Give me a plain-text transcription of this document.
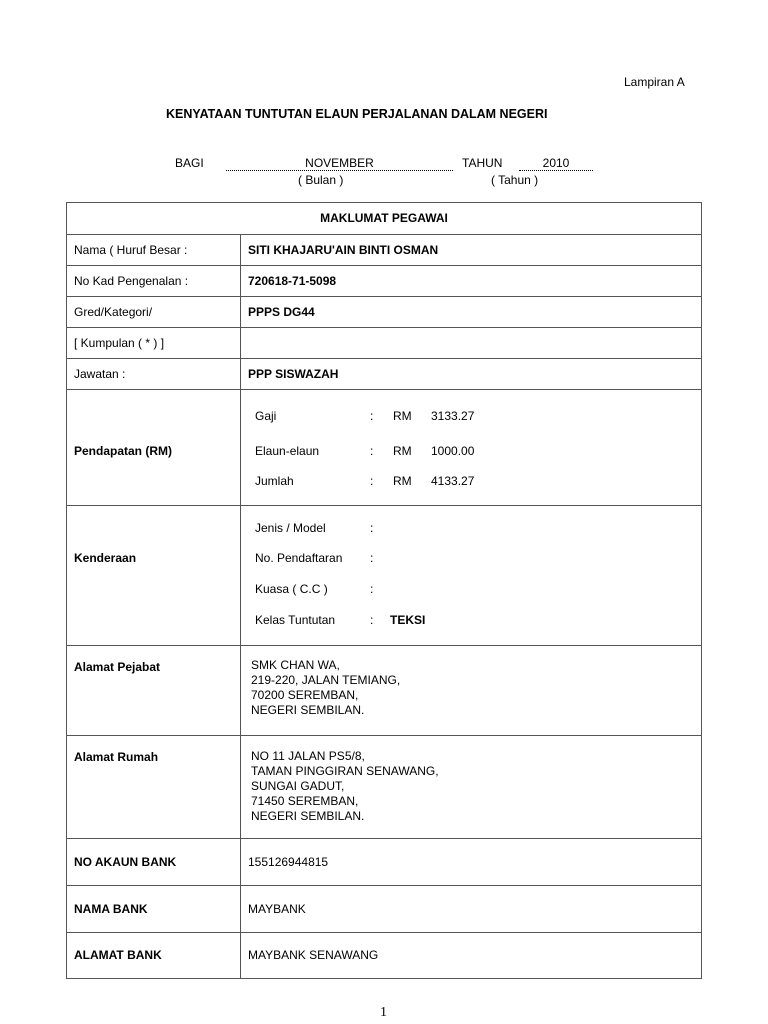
Lampiran A
KENYATAAN TUNTUTAN ELAUN PERJALANAN DALAM NEGERI
BAGI	NOVEMBER	TAHUN	2010
( Bulan )	( Tahun )
MAKLUMAT PEGAWAI
Nama ( Huruf Besar :	SITI KHAJARU'AIN BINTI OSMAN
No Kad Pengenalan :	720618-71-5098
Gred/Kategori/	PPPS DG44
[ Kumpulan ( * ) ]
Jawatan :	PPP SISWAZAH
Pendapatan (RM)
Gaji	: RM 3133.27
Elaun-elaun	: RM 1000.00
Jumlah	: RM 4133.27
Kenderaan
Jenis / Model	:
No. Pendaftaran :
Kuasa ( C.C )	:
Kelas Tuntutan	: TEKSI
Alamat Pejabat	SMK CHAN WA,
219-220, JALAN TEMIANG,
70200 SEREMBAN,
NEGERI SEMBILAN.
Alamat Rumah	NO 11 JALAN PS5/8,
TAMAN PINGGIRAN SENAWANG,
SUNGAI GADUT,
71450 SEREMBAN,
NEGERI SEMBILAN.
NO AKAUN BANK	155126944815
NAMA BANK	MAYBANK
ALAMAT BANK	MAYBANK SENAWANG
1
